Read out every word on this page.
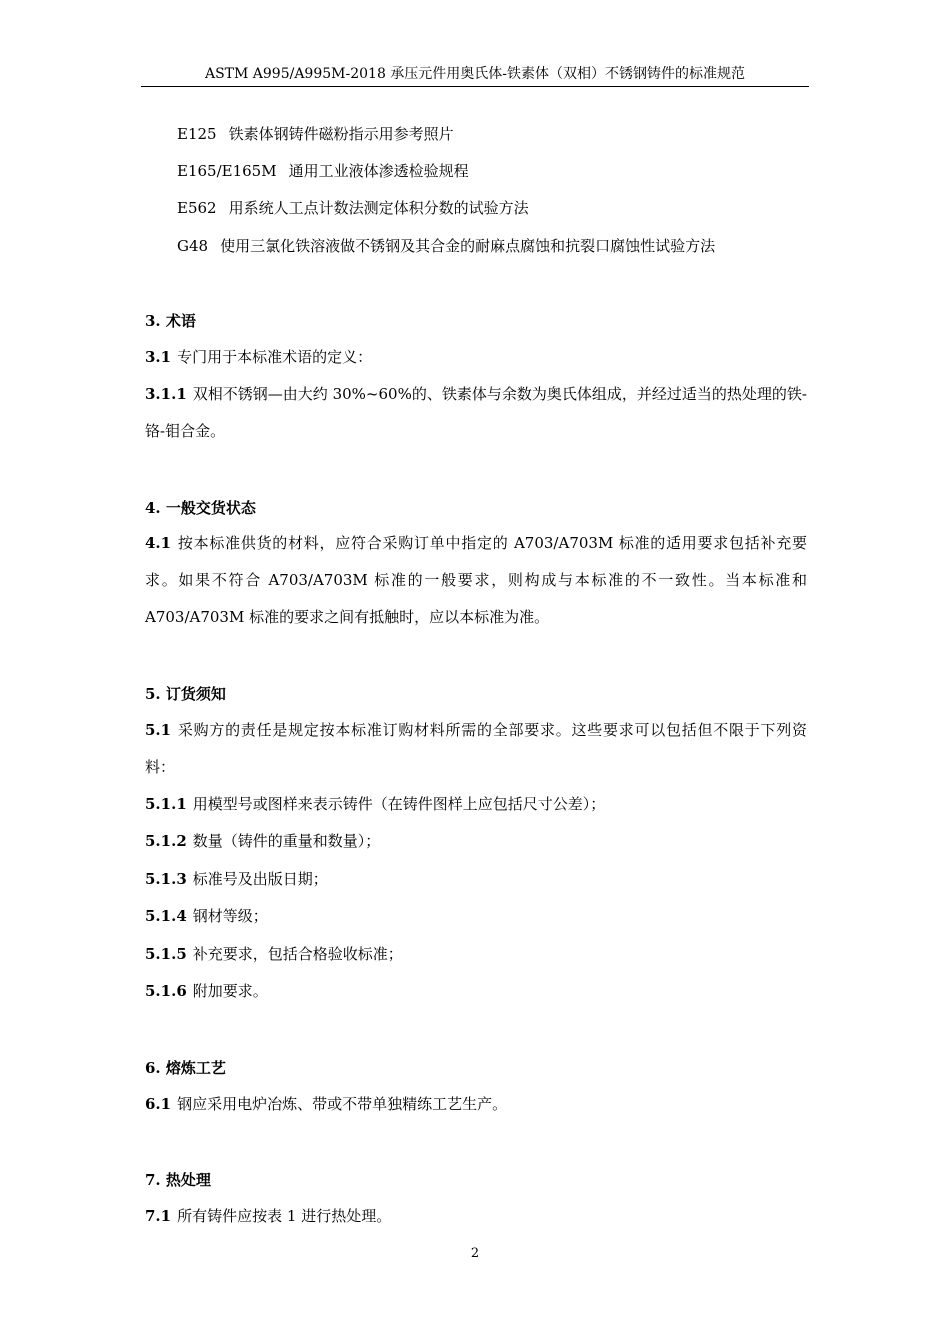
ASTM A995/A995M-2018 承压元件用奥氏体-铁素体（双相）不锈钢铸件的标准规范
E125 铁素体钢铸件磁粉指示用参考照片
E165/E165M 通用工业液体渗透检验规程
E562 用系统人工点计数法测定体积分数的试验方法
G48 使用三氯化铁溶液做不锈钢及其合金的耐麻点腐蚀和抗裂口腐蚀性试验方法
3. 术语
3.1 专门用于本标准术语的定义：
3.1.1 双相不锈钢—由大约 30%~60%的、铁素体与余数为奥氏体组成，并经过适当的热处理的铁-铬-钼合金。
4. 一般交货状态
4.1 按本标准供货的材料，应符合采购订单中指定的 A703/A703M 标准的适用要求包括补充要求。如果不符合 A703/A703M 标准的一般要求，则构成与本标准的不一致性。当本标准和 A703/A703M 标准的要求之间有抵触时，应以本标准为准。
5. 订货须知
5.1 采购方的责任是规定按本标准订购材料所需的全部要求。这些要求可以包括但不限于下列资料：
5.1.1 用模型号或图样来表示铸件（在铸件图样上应包括尺寸公差）；
5.1.2 数量（铸件的重量和数量）；
5.1.3 标准号及出版日期；
5.1.4 钢材等级；
5.1.5 补充要求，包括合格验收标准；
5.1.6 附加要求。
6. 熔炼工艺
6.1 钢应采用电炉冶炼、带或不带单独精练工艺生产。
7. 热处理
7.1 所有铸件应按表 1 进行热处理。
2
